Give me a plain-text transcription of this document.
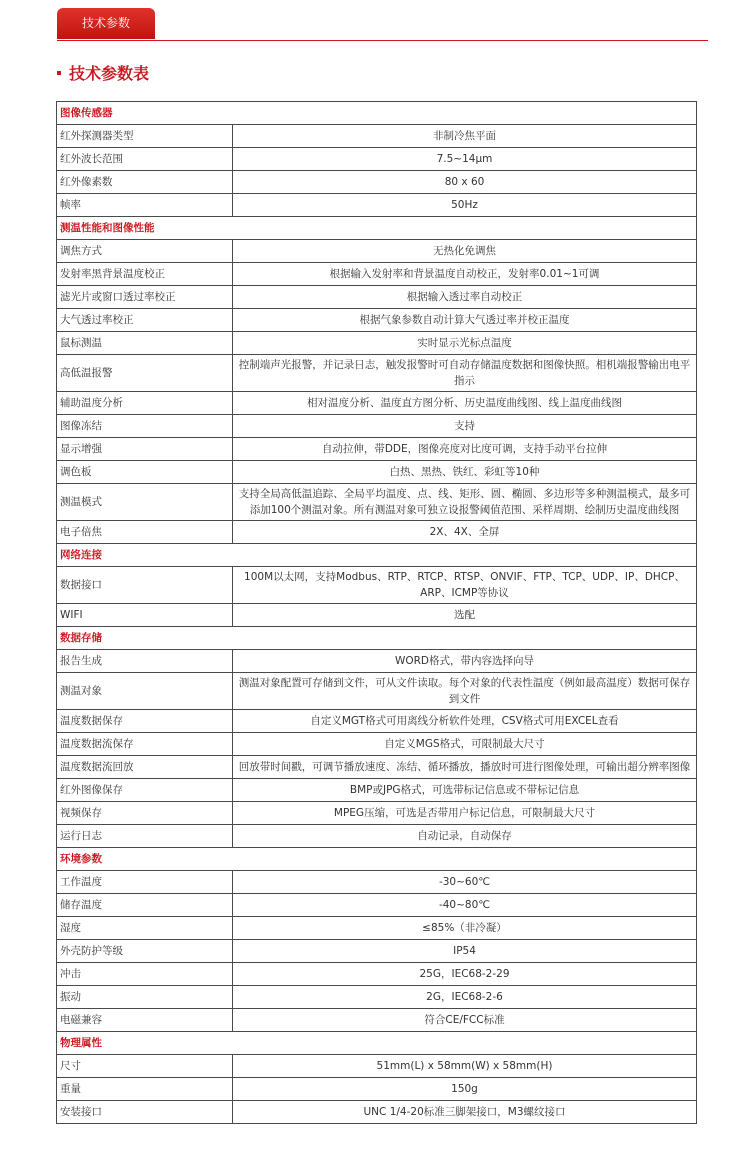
技术参数
技术参数表
图像传感器	
红外探测器类型	非制冷焦平面
红外波长范围	7.5~14μm
红外像素数	80 x 60
帧率	50Hz
测温性能和图像性能	
调焦方式	无热化免调焦
发射率黑背景温度校正	根据输入发射率和背景温度自动校正，发射率0.01~1可调
滤光片或窗口透过率校正	根据输入透过率自动校正
大气透过率校正	根据气象参数自动计算大气透过率并校正温度
鼠标测温	实时显示光标点温度
高低温报警	控制端声光报警，并记录日志，触发报警时可自动存储温度数据和图像快照。相机端报警输出电平指示
辅助温度分析	相对温度分析、温度直方图分析、历史温度曲线图、线上温度曲线图
图像冻结	支持
显示增强	自动拉伸，带DDE，图像亮度对比度可调，支持手动平台拉伸
调色板	白热、黑热、铁红、彩虹等10种
测温模式	支持全局高低温追踪、全局平均温度、点、线、矩形、圆、椭圆、多边形等多种测温模式，最多可添加100个测温对象。所有测温对象可独立设报警阈值范围、采样周期、绘制历史温度曲线图
电子倍焦	2X、4X、全屏
网络连接	
数据接口	100M以太网，支持Modbus、RTP、RTCP、RTSP、ONVIF、FTP、TCP、UDP、IP、DHCP、ARP、ICMP等协议
WIFI	选配
数据存储	
报告生成	WORD格式，带内容选择向导
测温对象	测温对象配置可存储到文件，可从文件读取。每个对象的代表性温度（例如最高温度）数据可保存到文件
温度数据保存	自定义MGT格式可用离线分析软件处理，CSV格式可用EXCEL查看
温度数据流保存	自定义MGS格式，可限制最大尺寸
温度数据流回放	回放带时间戳，可调节播放速度、冻结、循环播放，播放时可进行图像处理，可输出超分辨率图像
红外图像保存	BMP或JPG格式，可选带标记信息或不带标记信息
视频保存	MPEG压缩，可选是否带用户标记信息，可限制最大尺寸
运行日志	自动记录，自动保存
环境参数	
工作温度	-30~60℃
储存温度	-40~80℃
湿度	≤85%（非冷凝）
外壳防护等级	IP54
冲击	25G，IEC68-2-29
振动	2G，IEC68-2-6
电磁兼容	符合CE/FCC标准
物理属性	
尺寸	51mm(L) x 58mm(W) x 58mm(H)
重量	150g
安装接口	UNC 1/4-20标准三脚架接口，M3螺纹接口
